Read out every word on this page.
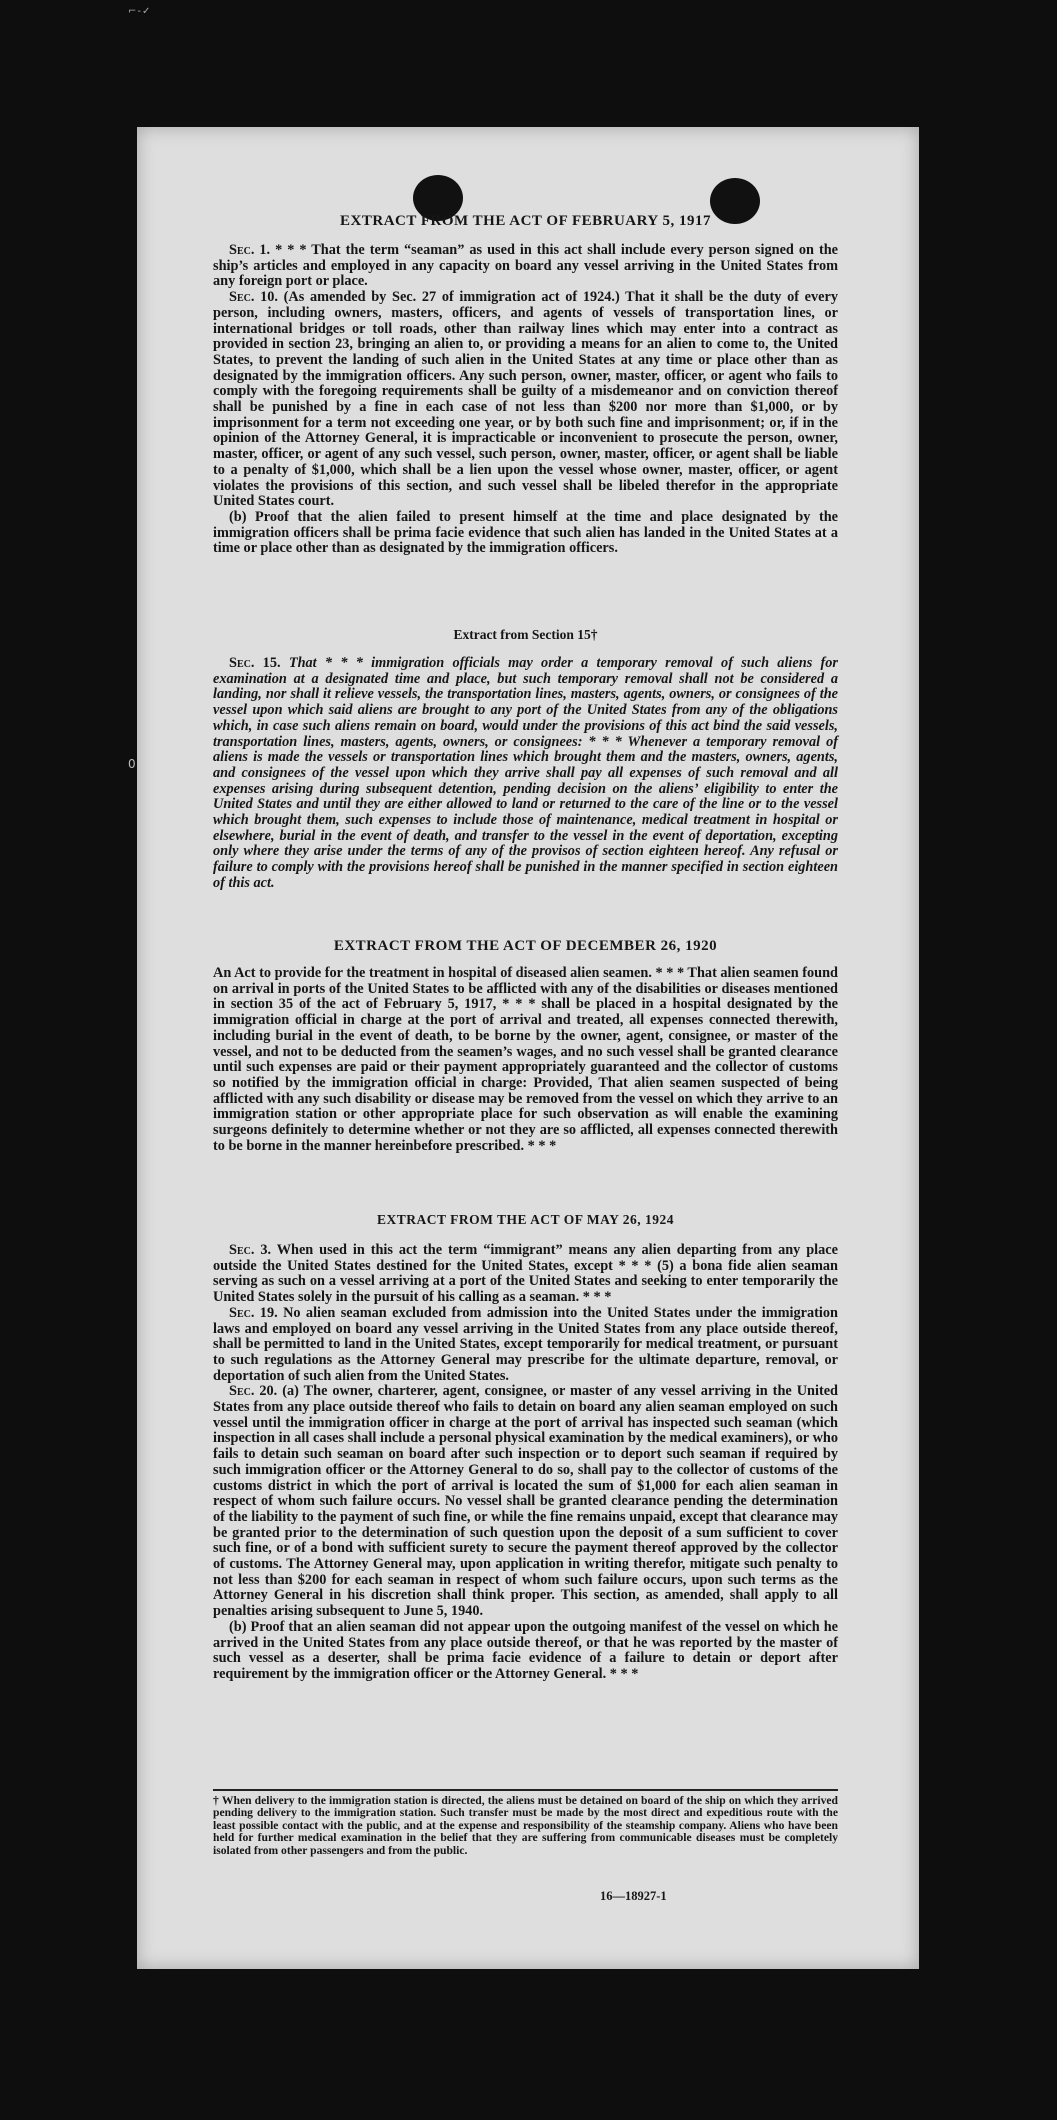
⌐‑✓
0
EXTRACT FROM THE ACT OF FEBRUARY 5, 1917

Sec. 1. * * * That the term “seaman” as used in this act shall include every person signed on the ship’s articles and employed in any capacity on board any vessel arriving in the United States from any foreign port or place.

Sec. 10. (As amended by Sec. 27 of immigration act of 1924.) That it shall be the duty of every person, including owners, masters, officers, and agents of vessels of transportation lines, or international bridges or toll roads, other than railway lines which may enter into a contract as provided in section 23, bringing an alien to, or providing a means for an alien to come to, the United States, to prevent the landing of such alien in the United States at any time or place other than as designated by the immigration officers. Any such person, owner, master, officer, or agent who fails to comply with the foregoing requirements shall be guilty of a misdemeanor and on conviction thereof shall be punished by a fine in each case of not less than $200 nor more than $1,000, or by imprisonment for a term not exceeding one year, or by both such fine and imprisonment; or, if in the opinion of the Attorney General, it is impracticable or inconvenient to prosecute the person, owner, master, officer, or agent of any such vessel, such person, owner, master, officer, or agent shall be liable to a penalty of $1,000, which shall be a lien upon the vessel whose owner, master, officer, or agent violates the provisions of this section, and such vessel shall be libeled therefor in the appropriate United States court.

(b) Proof that the alien failed to present himself at the time and place designated by the immigration officers shall be prima facie evidence that such alien has landed in the United States at a time or place other than as designated by the immigration officers.

Extract from Section 15†

Sec. 15. That * * * immigration officials may order a temporary removal of such aliens for examination at a designated time and place, but such temporary removal shall not be considered a landing, nor shall it relieve vessels, the transportation lines, masters, agents, owners, or consignees of the vessel upon which said aliens are brought to any port of the United States from any of the obligations which, in case such aliens remain on board, would under the provisions of this act bind the said vessels, transportation lines, masters, agents, owners, or consignees: * * * Whenever a temporary removal of aliens is made the vessels or transportation lines which brought them and the masters, owners, agents, and consignees of the vessel upon which they arrive shall pay all expenses of such removal and all expenses arising during subsequent detention, pending decision on the aliens’ eligibility to enter the United States and until they are either allowed to land or returned to the care of the line or to the vessel which brought them, such expenses to include those of maintenance, medical treatment in hospital or elsewhere, burial in the event of death, and transfer to the vessel in the event of deportation, excepting only where they arise under the terms of any of the provisos of section eighteen hereof. Any refusal or failure to comply with the provisions hereof shall be punished in the manner specified in section eighteen of this act.

EXTRACT FROM THE ACT OF DECEMBER 26, 1920

An Act to provide for the treatment in hospital of diseased alien seamen. * * * That alien seamen found on arrival in ports of the United States to be afflicted with any of the disabilities or diseases mentioned in section 35 of the act of February 5, 1917, * * * shall be placed in a hospital designated by the immigration official in charge at the port of arrival and treated, all expenses connected therewith, including burial in the event of death, to be borne by the owner, agent, consignee, or master of the vessel, and not to be deducted from the seamen’s wages, and no such vessel shall be granted clearance until such expenses are paid or their payment appropriately guaranteed and the collector of customs so notified by the immigration official in charge: Provided, That alien seamen suspected of being afflicted with any such disability or disease may be removed from the vessel on which they arrive to an immigration station or other appropriate place for such observation as will enable the examining surgeons definitely to determine whether or not they are so afflicted, all expenses connected therewith to be borne in the manner hereinbefore prescribed. * * *

EXTRACT FROM THE ACT OF MAY 26, 1924

Sec. 3. When used in this act the term “immigrant” means any alien departing from any place outside the United States destined for the United States, except * * * (5) a bona fide alien seaman serving as such on a vessel arriving at a port of the United States and seeking to enter temporarily the United States solely in the pursuit of his calling as a seaman. * * *

Sec. 19. No alien seaman excluded from admission into the United States under the immigration laws and employed on board any vessel arriving in the United States from any place outside thereof, shall be permitted to land in the United States, except temporarily for medical treatment, or pursuant to such regulations as the Attorney General may prescribe for the ultimate departure, removal, or deportation of such alien from the United States.

Sec. 20. (a) The owner, charterer, agent, consignee, or master of any vessel arriving in the United States from any place outside thereof who fails to detain on board any alien seaman employed on such vessel until the immigration officer in charge at the port of arrival has inspected such seaman (which inspection in all cases shall include a personal physical examination by the medical examiners), or who fails to detain such seaman on board after such inspection or to deport such seaman if required by such immigration officer or the Attorney General to do so, shall pay to the collector of customs of the customs district in which the port of arrival is located the sum of $1,000 for each alien seaman in respect of whom such failure occurs. No vessel shall be granted clearance pending the determination of the liability to the payment of such fine, or while the fine remains unpaid, except that clearance may be granted prior to the determination of such question upon the deposit of a sum sufficient to cover such fine, or of a bond with sufficient surety to secure the payment thereof approved by the collector of customs. The Attorney General may, upon application in writing therefor, mitigate such penalty to not less than $200 for each seaman in respect of whom such failure occurs, upon such terms as the Attorney General in his discretion shall think proper. This section, as amended, shall apply to all penalties arising subsequent to June 5, 1940.

(b) Proof that an alien seaman did not appear upon the outgoing manifest of the vessel on which he arrived in the United States from any place outside thereof, or that he was reported by the master of such vessel as a deserter, shall be prima facie evidence of a failure to detain or deport after requirement by the immigration officer or the Attorney General. * * *

† When delivery to the immigration station is directed, the aliens must be detained on board of the ship on which they arrived pending delivery to the immigration station. Such transfer must be made by the most direct and expeditious route with the least possible contact with the public, and at the expense and responsibility of the steamship company. Aliens who have been held for further medical examination in the belief that they are suffering from communicable diseases must be completely isolated from other passengers and from the public.
16—18927-1
